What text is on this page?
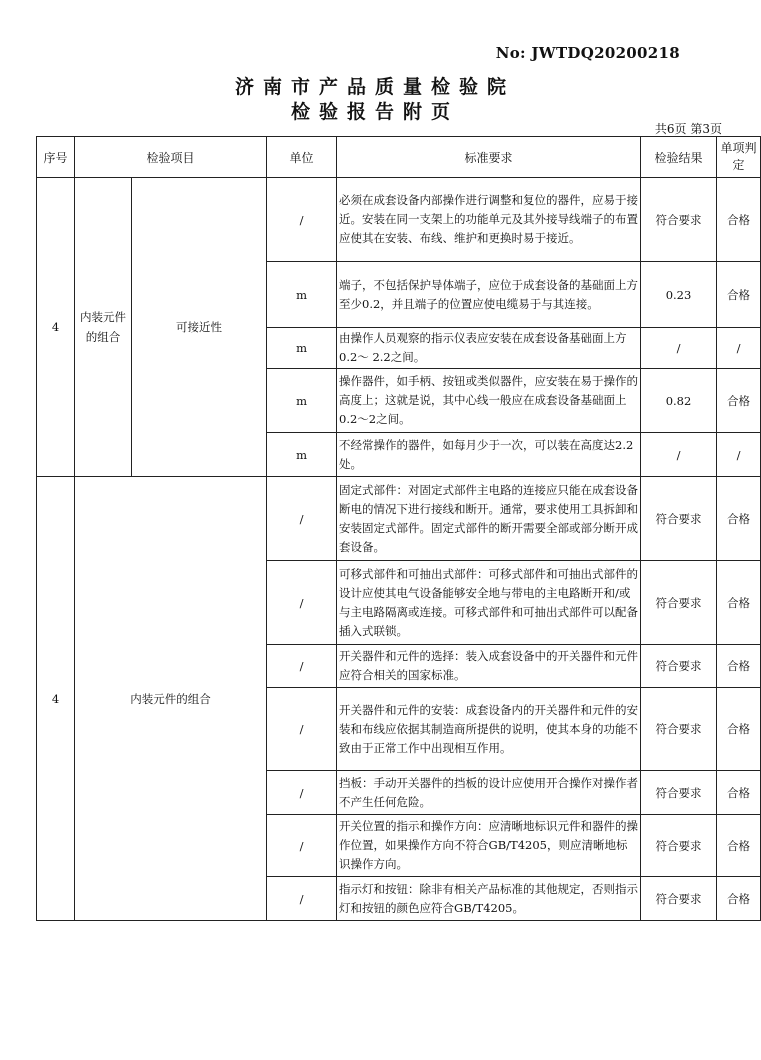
No: JWTDQ20200218
济南市产品质量检验院
检验报告附页
共6页 第3页
序号	检验项目		单位	标准要求	检验结果	单项判定
4	内装元件的组合	可接近性	/	必须在成套设备内部操作进行调整和复位的器件，应易于接近。安装在同一支架上的功能单元及其外接导线端子的布置应使其在安装、布线、维护和更换时易于接近。	符合要求	合格
			m	端子，不包括保护导体端子，应位于成套设备的基础面上方至少0.2，并且端子的位置应使电缆易于与其连接。	0.23	合格
			m	由操作人员观察的指示仪表应安装在成套设备基础面上方0.2～ 2.2之间。	/	/
			m	操作器件，如手柄、按钮或类似器件，应安装在易于操作的高度上；这就是说，其中心线一般应在成套设备基础面上0.2～2之间。	0.82	合格
			m	不经常操作的器件，如每月少于一次，可以装在高度达2.2处。	/	/
4	内装元件的组合		/	固定式部件：对固定式部件主电路的连接应只能在成套设备断电的情况下进行接线和断开。通常，要求使用工具拆卸和安装固定式部件。固定式部件的断开需要全部或部分断开成套设备。	符合要求	合格
			/	可移式部件和可抽出式部件：可移式部件和可抽出式部件的设计应使其电气设备能够安全地与带电的主电路断开和/或与主电路隔离或连接。可移式部件和可抽出式部件可以配备插入式联锁。	符合要求	合格
			/	开关器件和元件的选择：装入成套设备中的开关器件和元件应符合相关的国家标准。	符合要求	合格
			/	开关器件和元件的安装：成套设备内的开关器件和元件的安装和布线应依据其制造商所提供的说明，使其本身的功能不致由于正常工作中出现相互作用。	符合要求	合格
			/	挡板：手动开关器件的挡板的设计应使用开合操作对操作者不产生任何危险。	符合要求	合格
			/	开关位置的指示和操作方向：应清晰地标识元件和器件的操作位置，如果操作方向不符合GB/T4205，则应清晰地标识操作方向。	符合要求	合格
			/	指示灯和按钮：除非有相关产品标准的其他规定，否则指示灯和按钮的颜色应符合GB/T4205。	符合要求	合格
